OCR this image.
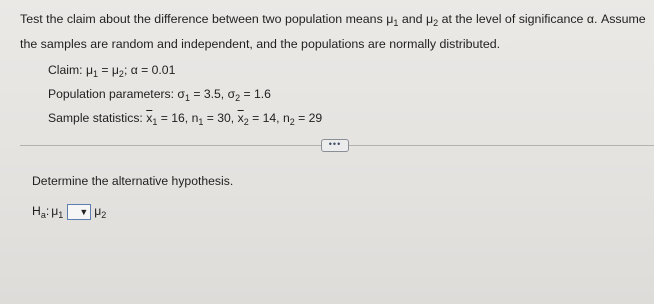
Test the claim about the difference between two population means $\mu_1$ and $\mu_2$ at the level of significance α. Assume
the samples are random and independent, and the populations are normally distributed.
Claim: $\mu_1 = \mu_2$; α = 0.01
Population parameters: $\sigma_1 = 3.5$, $\sigma_2 = 1.6$
Sample statistics: $\overline{x}_1 = 16$, $n_1 = 30$, $\overline{x}_2 = 14$, $n_2 = 29$
•••
Determine the alternative hypothesis.
$H_a$: $\mu_1$ ▼ $\mu_2$
